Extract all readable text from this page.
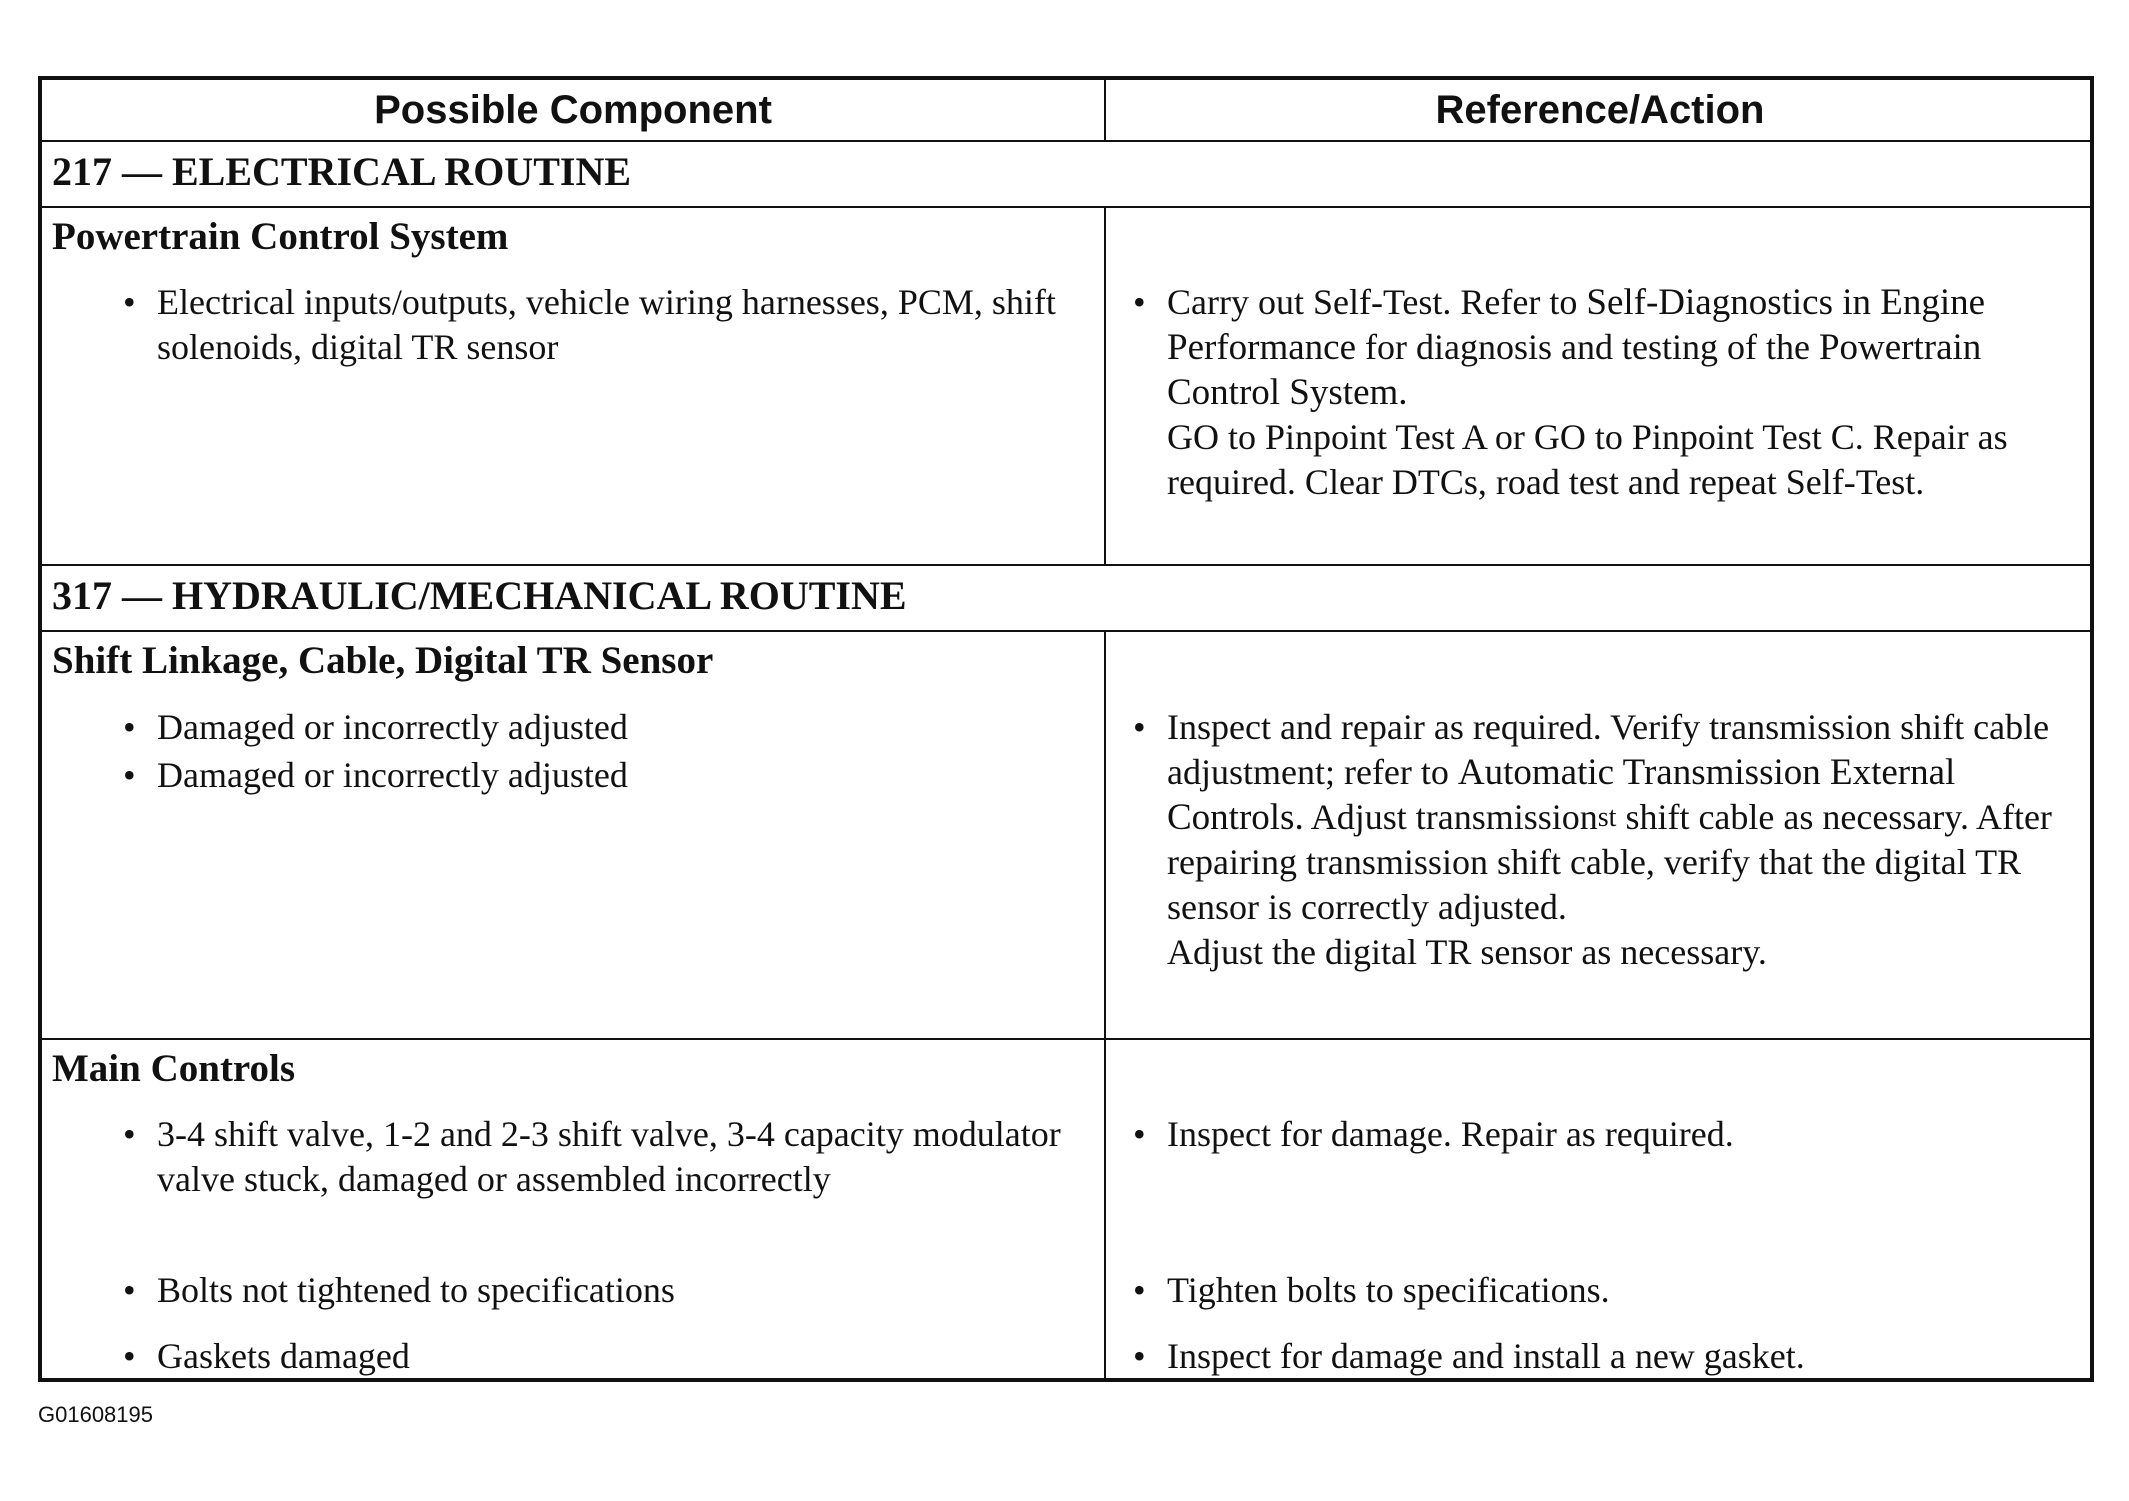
Possible Component	Reference/Action
217 — ELECTRICAL ROUTINE
Powertrain Control System
• Electrical inputs/outputs, vehicle wiring harnesses, PCM, shift solenoids, digital TR sensor
• Carry out Self-Test. Refer to Self-Diagnostics in Engine Performance for diagnosis and testing of the Powertrain Control System.
GO to Pinpoint Test A or GO to Pinpoint Test C. Repair as required. Clear DTCs, road test and repeat Self-Test.
317 — HYDRAULIC/MECHANICAL ROUTINE
Shift Linkage, Cable, Digital TR Sensor
• Damaged or incorrectly adjusted
• Damaged or incorrectly adjusted
• Inspect and repair as required. Verify transmission shift cable adjustment; refer to Automatic Transmission External Controls. Adjust transmission$^{st}$ shift cable as necessary. After repairing transmission shift cable, verify that the digital TR sensor is correctly adjusted.
Adjust the digital TR sensor as necessary.
Main Controls
• 3-4 shift valve, 1-2 and 2-3 shift valve, 3-4 capacity modulator valve stuck, damaged or assembled incorrectly
• Bolts not tightened to specifications
• Gaskets damaged
• Inspect for damage. Repair as required.
• Tighten bolts to specifications.
• Inspect for damage and install a new gasket.
G01608195
